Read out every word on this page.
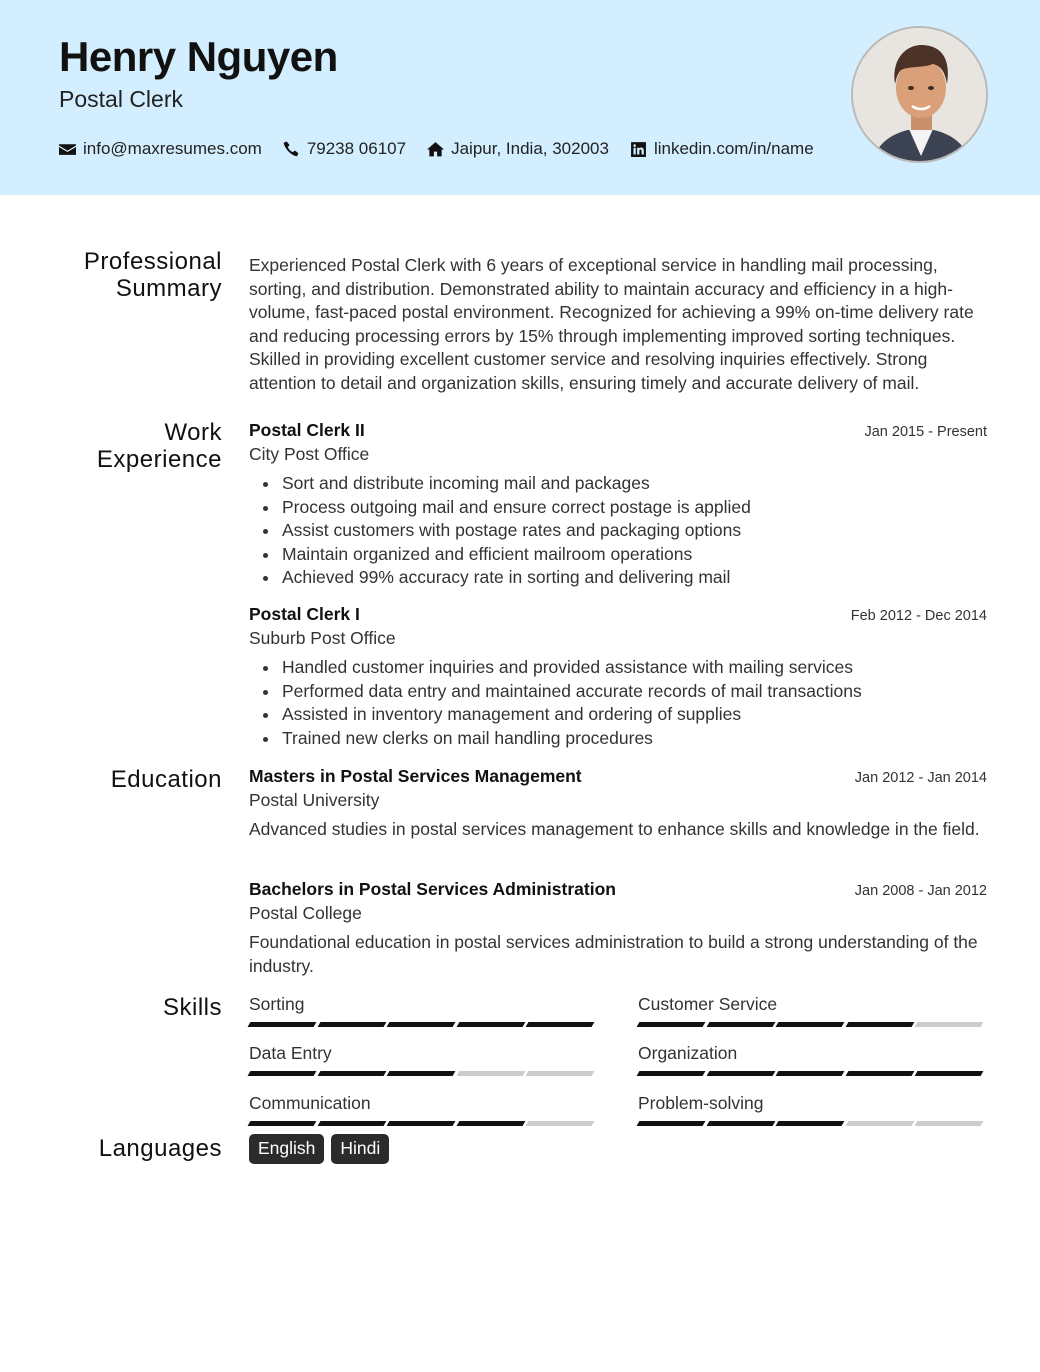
Henry Nguyen
Postal Clerk
info@maxresumes.com	79238 06107	Jaipur, India, 302003	linkedin.com/in/name
Professional
Summary
Experienced Postal Clerk with 6 years of exceptional service in handling mail processing, sorting, and distribution. Demonstrated ability to maintain accuracy and efficiency in a high-volume, fast-paced postal environment. Recognized for achieving a 99% on-time delivery rate and reducing processing errors by 15% through implementing improved sorting techniques. Skilled in providing excellent customer service and resolving inquiries effectively. Strong attention to detail and organization skills, ensuring timely and accurate delivery of mail.
Work
Experience
Postal Clerk II	Jan 2015 - Present
City Post Office
Sort and distribute incoming mail and packages
Process outgoing mail and ensure correct postage is applied
Assist customers with postage rates and packaging options
Maintain organized and efficient mailroom operations
Achieved 99% accuracy rate in sorting and delivering mail
Postal Clerk I	Feb 2012 - Dec 2014
Suburb Post Office
Handled customer inquiries and provided assistance with mailing services
Performed data entry and maintained accurate records of mail transactions
Assisted in inventory management and ordering of supplies
Trained new clerks on mail handling procedures
Education Masters in Postal Services Management	Jan 2012 - Jan 2014
Postal University
Advanced studies in postal services management to enhance skills and knowledge in the field.
Bachelors in Postal Services Administration	Jan 2008 - Jan 2012
Postal College
Foundational education in postal services administration to build a strong understanding of the industry.
Skills Sorting	Customer Service
Data Entry	Organization
Communication	Problem-solving
Languages	English	Hindi
